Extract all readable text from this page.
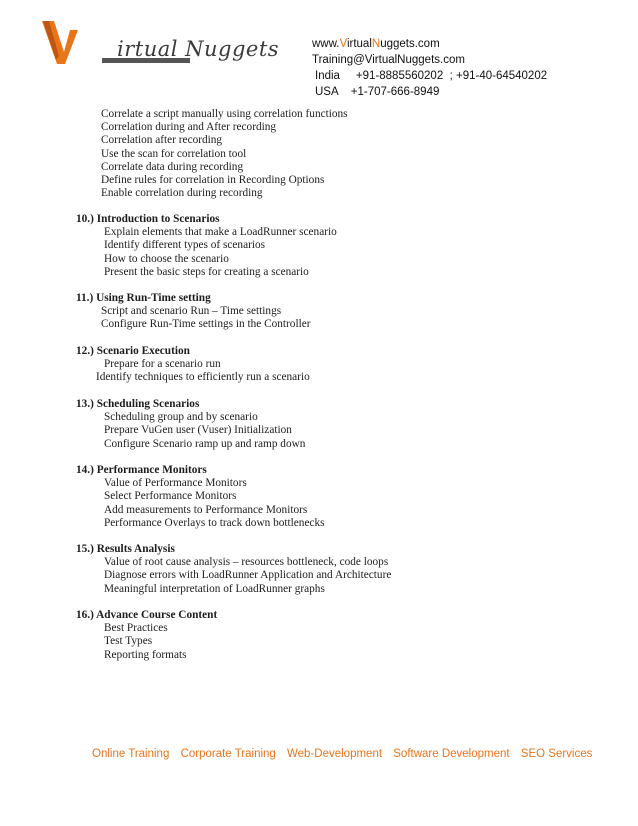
irtual Nuggets	www.VirtualNuggets.com
Training@VirtualNuggets.com
India +91-8885560202  ; +91-40-64540202
USA +1-707-666-8949
Correlate a script manually using correlation functions
Correlation during and After recording
Correlation after recording
Use the scan for correlation tool
Correlate data during recording
Define rules for correlation in Recording Options
Enable correlation during recording
10.) Introduction to Scenarios
Explain elements that make a LoadRunner scenario
Identify different types of scenarios
How to choose the scenario
Present the basic steps for creating a scenario
11.) Using Run-Time setting
Script and scenario Run – Time settings
Configure Run-Time settings in the Controller
12.) Scenario Execution
Prepare for a scenario run
Identify techniques to efficiently run a scenario
13.) Scheduling Scenarios
Scheduling group and by scenario
Prepare VuGen user (Vuser) Initialization
Configure Scenario ramp up and ramp down
14.) Performance Monitors
Value of Performance Monitors
Select Performance Monitors
Add measurements to Performance Monitors
Performance Overlays to track down bottlenecks
15.) Results Analysis
Value of root cause analysis – resources bottleneck, code loops
Diagnose errors with LoadRunner Application and Architecture
Meaningful interpretation of LoadRunner graphs
16.) Advance Course Content
Best Practices
Test Types
Reporting formats
Online Training Corporate Training Web-Development Software Development SEO Services
